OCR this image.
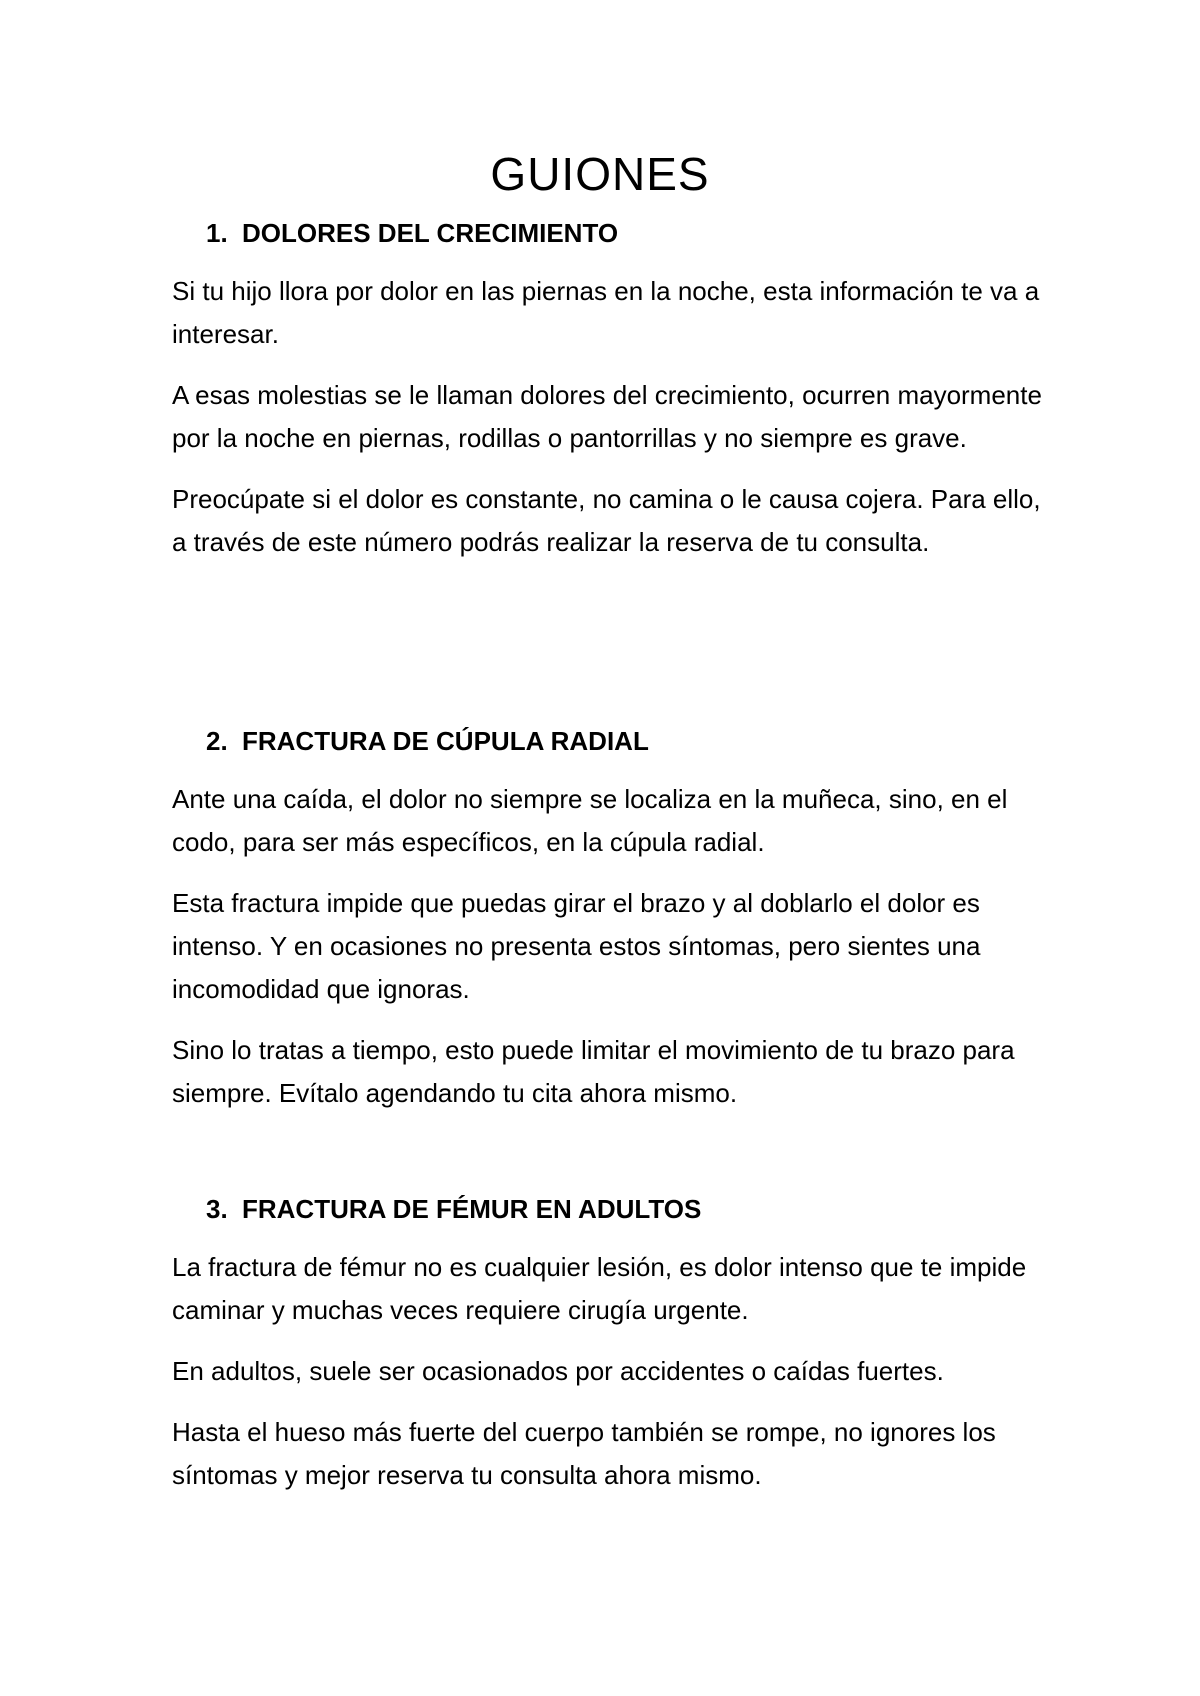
GUIONES
1. DOLORES DEL CRECIMIENTO

Si tu hijo llora por dolor en las piernas en la noche, esta información te va a interesar.

A esas molestias se le llaman dolores del crecimiento, ocurren mayormente por la noche en piernas, rodillas o pantorrillas y no siempre es grave.

Preocúpate si el dolor es constante, no camina o le causa cojera. Para ello, a través de este número podrás realizar la reserva de tu consulta.

2. FRACTURA DE CÚPULA RADIAL

Ante una caída, el dolor no siempre se localiza en la muñeca, sino, en el codo, para ser más específicos, en la cúpula radial.

Esta fractura impide que puedas girar el brazo y al doblarlo el dolor es intenso. Y en ocasiones no presenta estos síntomas, pero sientes una incomodidad que ignoras.

Sino lo tratas a tiempo, esto puede limitar el movimiento de tu brazo para siempre. Evítalo agendando tu cita ahora mismo.

3. FRACTURA DE FÉMUR EN ADULTOS

La fractura de fémur no es cualquier lesión, es dolor intenso que te impide caminar y muchas veces requiere cirugía urgente.

En adultos, suele ser ocasionados por accidentes o caídas fuertes.

Hasta el hueso más fuerte del cuerpo también se rompe, no ignores los síntomas y mejor reserva tu consulta ahora mismo.
